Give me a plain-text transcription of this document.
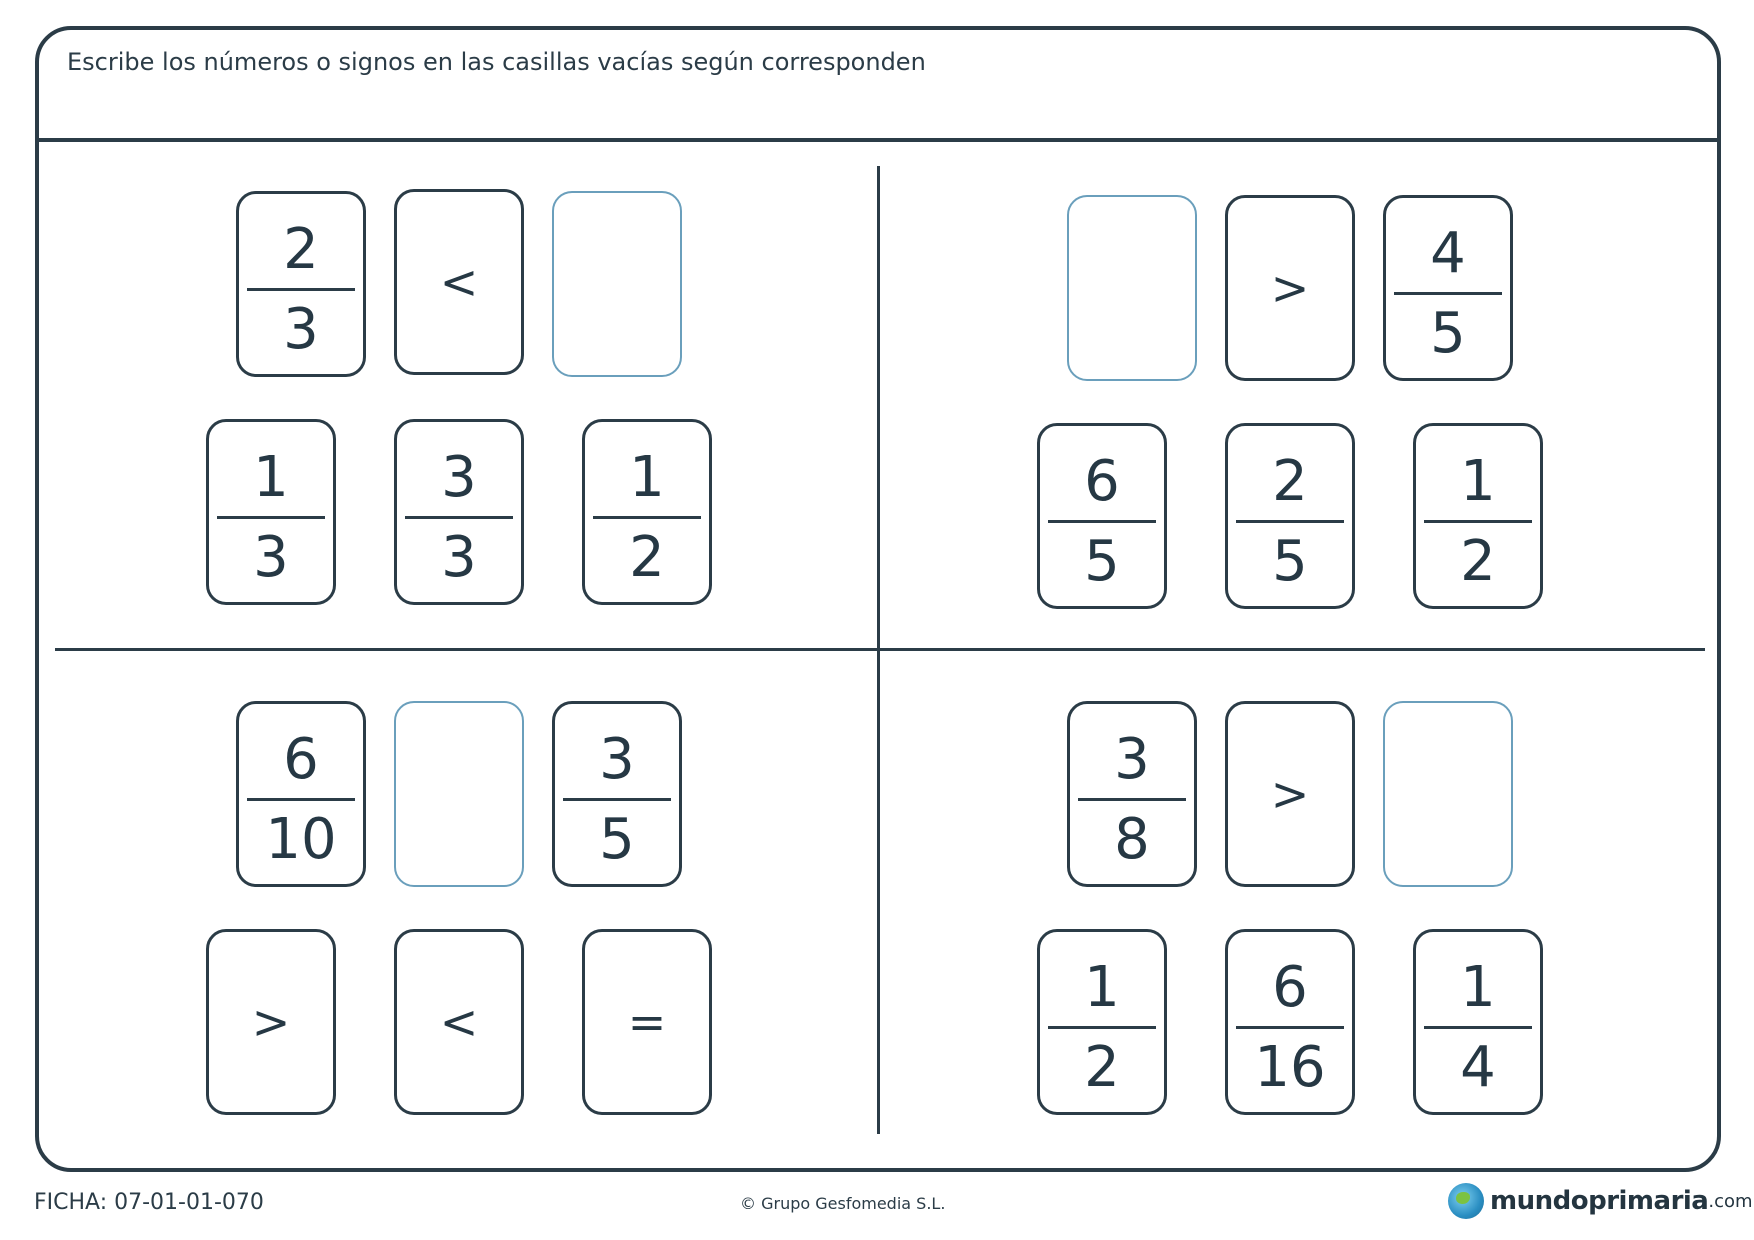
Escribe los números o signos en las casillas vacías según corresponden
2
3
<
1
3
3
3
1
2
>
4
5
6
5
2
5
1
2
6
10
3
5
>	<	=
3
8
>
1
2
6
16
1
4
FICHA: 07-01-01-070	© Grupo Gesfomedia S.L.	mundoprimaria .com
